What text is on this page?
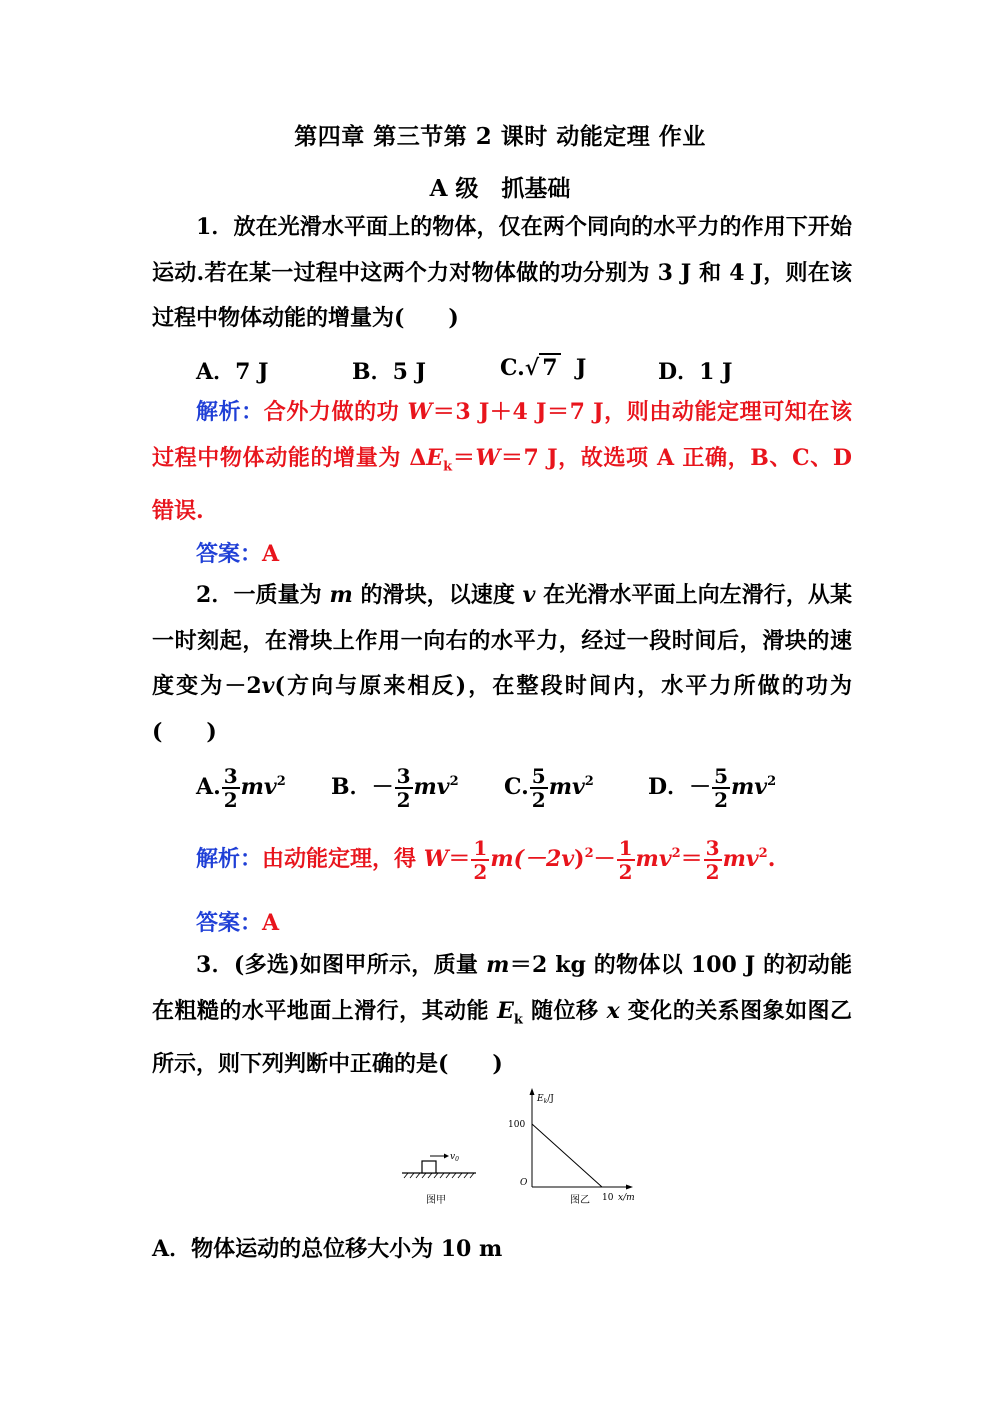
第四章 第三节第 2 课时 动能定理 作业
A 级　抓基础
1．放在光滑水平面上的物体，仅在两个同向的水平力的作用下开始运动.若在某一过程中这两个力对物体做的功分别为 3 J 和 4 J，则在该过程中物体动能的增量为(　　)
A．7 J	B．5 J	C.√ 7 J	D．1 J
解析：合外力做的功 W＝3 J＋4 J＝7 J，则由动能定理可知在该过程中物体动能的增量为 $\Delta E_k=W=7$ J，故选项 A 正确，B、C、D 错误.
答案：A
2．一质量为 m 的滑块，以速度 v 在光滑水平面上向左滑行，从某一时刻起，在滑块上作用一向右的水平力，经过一段时间后，滑块的速度变为－2v(方向与原来相反)，在整段时间内，水平力所做的功为(　　)
A. $\frac{3}{2} mv^2$ B．－ $\frac{3}{2} mv^2$ C. $\frac{5}{2} mv^2$ D．－ $\frac{5}{2} mv^2$
解析：由动能定理，得 $W= \frac{1}{2} m(-2v)^2- \frac{1}{2} mv^2= \frac{3}{2} mv^2$.
答案：A
3．(多选)如图甲所示，质量 m＝2 kg 的物体以 100 J 的初动能在粗糙的水平地面上滑行，其动能 $E_k$ 随位移 x 变化的关系图象如图乙所示，则下列判断中正确的是(　　)
$v_0$
图甲
$E_k/J$
100
O
10 x/m
图乙
A．物体运动的总位移大小为 10 m
